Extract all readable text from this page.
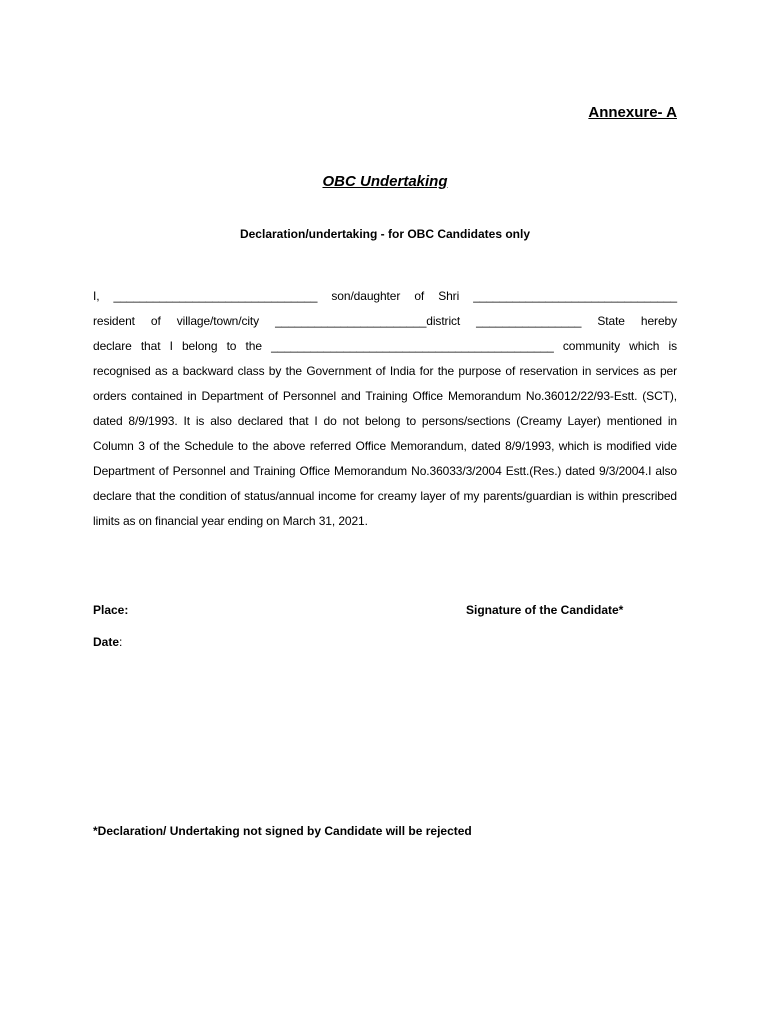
Annexure- A
OBC Undertaking
Declaration/undertaking - for OBC Candidates only

I, _______________________________ son/daughter of Shri _______________________________

resident of village/town/city _______________________district ________________ State hereby

declare that I belong to the ___________________________________________ community which is

recognised as a backward class by the Government of India for the purpose of reservation in services as per orders contained in Department of Personnel and Training Office Memorandum No.36012/22/93-Estt. (SCT), dated 8/9/1993. It is also declared that I do not belong to persons/sections (Creamy Layer) mentioned in Column 3 of the Schedule to the above referred Office Memorandum, dated 8/9/1993, which is modified vide Department of Personnel and Training Office Memorandum No.36033/3/2004 Estt.(Res.) dated 9/3/2004.I also declare that the condition of status/annual income for creamy layer of my parents/guardian is within prescribed limits as on financial year ending on March 31, 2021.

Place:	Signature of the Candidate*
Date:
*Declaration/ Undertaking not signed by Candidate will be rejected
